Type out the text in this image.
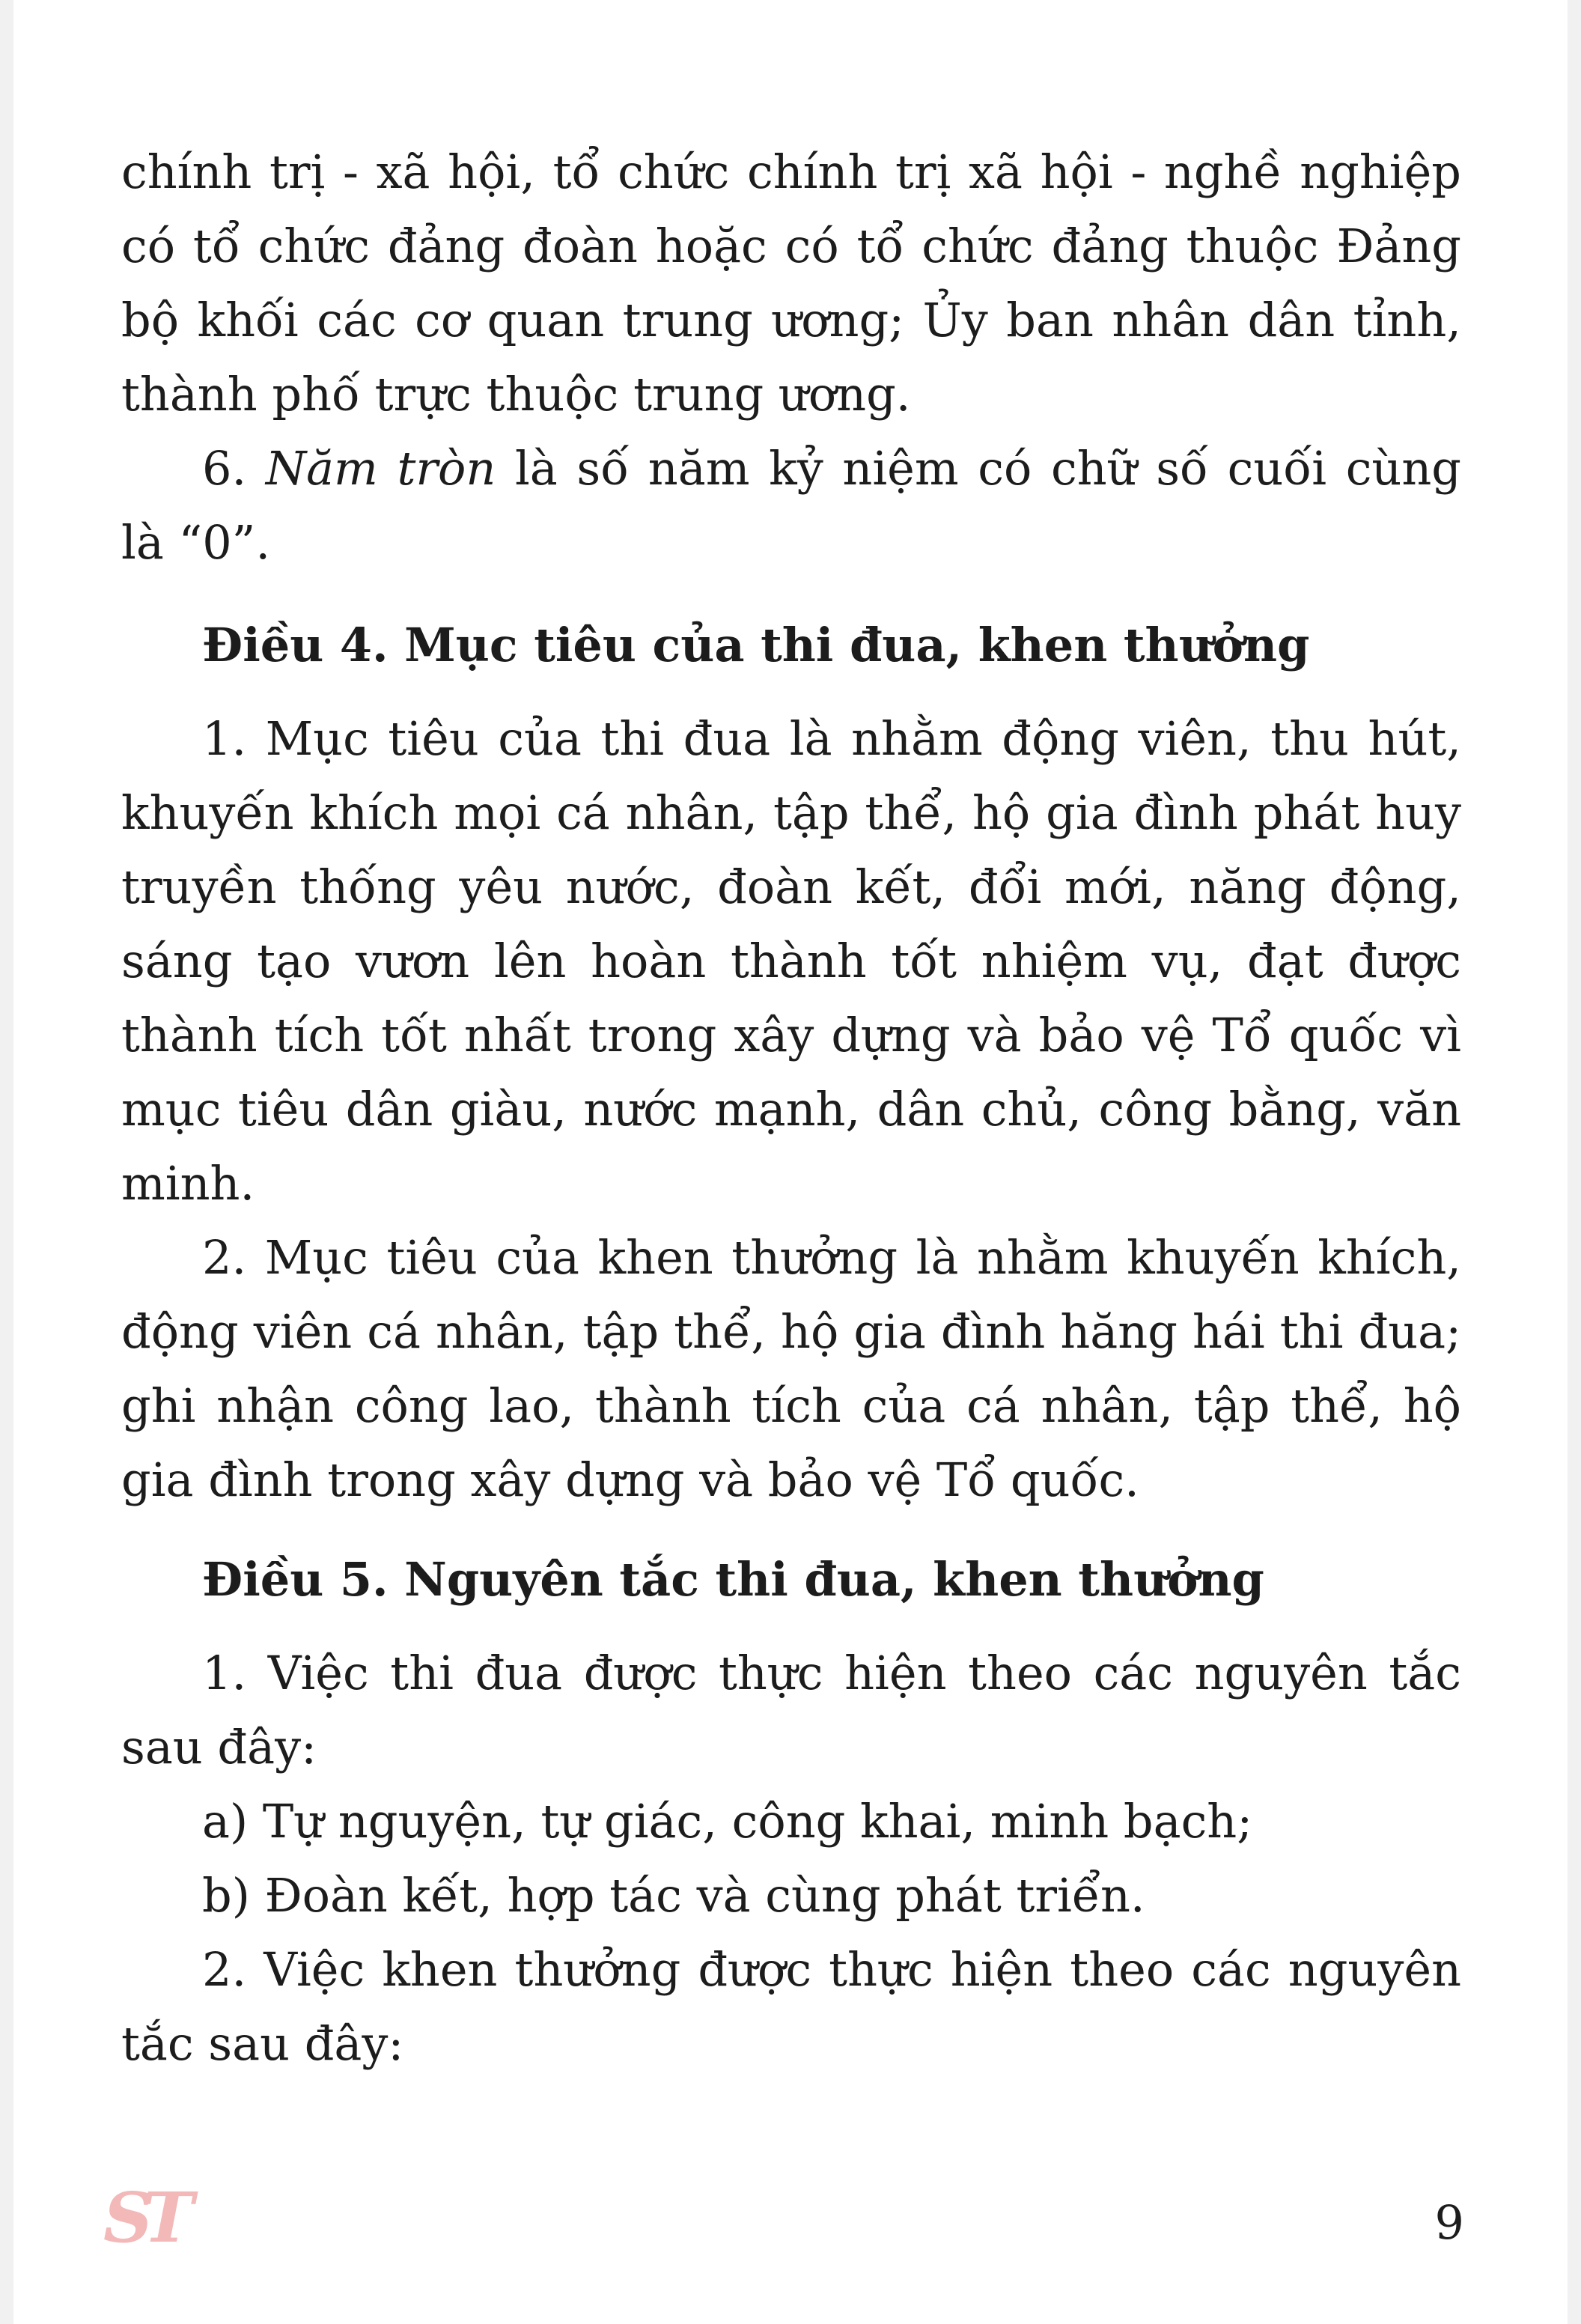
chính trị - xã hội, tổ chức chính trị xã hội - nghề nghiệp có tổ chức đảng đoàn hoặc có tổ chức đảng thuộc Đảng bộ khối các cơ quan trung ương; Ủy ban nhân dân tỉnh, thành phố trực thuộc trung ương.

6. Năm tròn là số năm kỷ niệm có chữ số cuối cùng là “0”.

Điều 4. Mục tiêu của thi đua, khen thưởng

1. Mục tiêu của thi đua là nhằm động viên, thu hút, khuyến khích mọi cá nhân, tập thể, hộ gia đình phát huy truyền thống yêu nước, đoàn kết, đổi mới, năng động, sáng tạo vươn lên hoàn thành tốt nhiệm vụ, đạt được thành tích tốt nhất trong xây dựng và bảo vệ Tổ quốc vì mục tiêu dân giàu, nước mạnh, dân chủ, công bằng, văn minh.

2. Mục tiêu của khen thưởng là nhằm khuyến khích, động viên cá nhân, tập thể, hộ gia đình hăng hái thi đua; ghi nhận công lao, thành tích của cá nhân, tập thể, hộ gia đình trong xây dựng và bảo vệ Tổ quốc.

Điều 5. Nguyên tắc thi đua, khen thưởng

1. Việc thi đua được thực hiện theo các nguyên tắc sau đây:

a) Tự nguyện, tự giác, công khai, minh bạch;

b) Đoàn kết, hợp tác và cùng phát triển.

2. Việc khen thưởng được thực hiện theo các nguyên tắc sau đây:

ST	9
